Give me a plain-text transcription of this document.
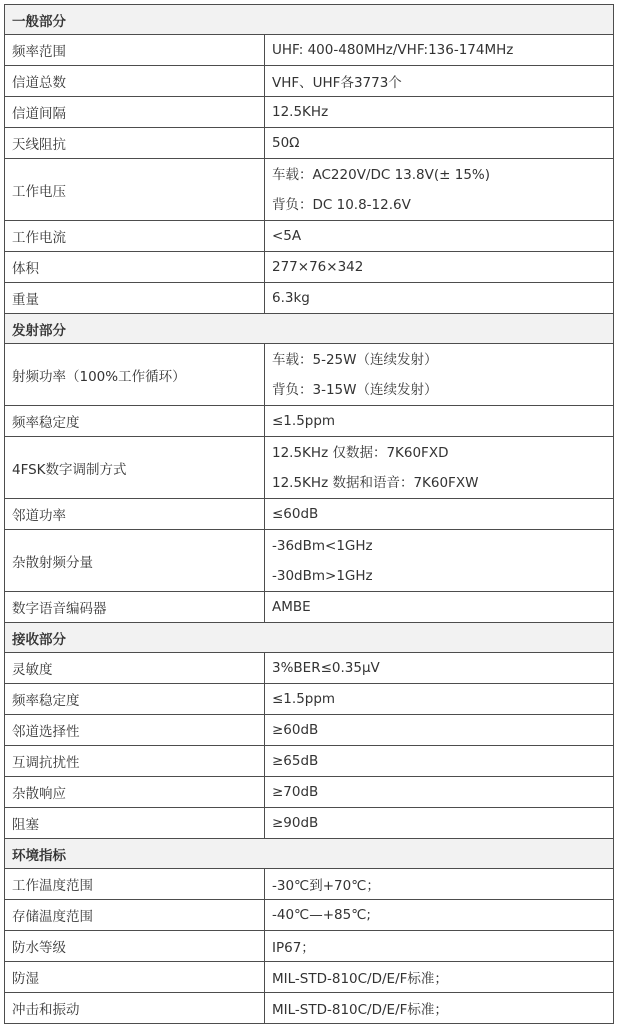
一般部分	
频率范围	UHF: 400-480MHz/VHF:136-174MHz

信道总数	VHF、UHF各3773个

信道间隔	12.5KHz

天线阻抗	50Ω

工作电压	车载：AC220V/DC 13.8V(± 15%)
背负：DC 10.8-12.6V

工作电流	<5A

体积	277×76×342

重量	6.3kg

发射部分	
射频功率（100%工作循环）	车载：5-25W（连续发射）
背负：3-15W（连续发射）

频率稳定度	≤1.5ppm

4FSK数字调制方式	12.5KHz 仅数据：7K60FXD
12.5KHz 数据和语音：7K60FXW

邻道功率	≤60dB

杂散射频分量	-36dBm<1GHz
-30dBm>1GHz

数字语音编码器	AMBE

接收部分	
灵敏度	3%BER≤0.35μV

频率稳定度	≤1.5ppm

邻道选择性	≥60dB

互调抗扰性	≥65dB

杂散响应	≥70dB

阻塞	≥90dB

环境指标	
工作温度范围	-30℃到+70℃；

存储温度范围	-40℃—+85℃;

防水等级	IP67；

防湿	MIL-STD-810C/D/E/F标准；

冲击和振动	MIL-STD-810C/D/E/F标准；
